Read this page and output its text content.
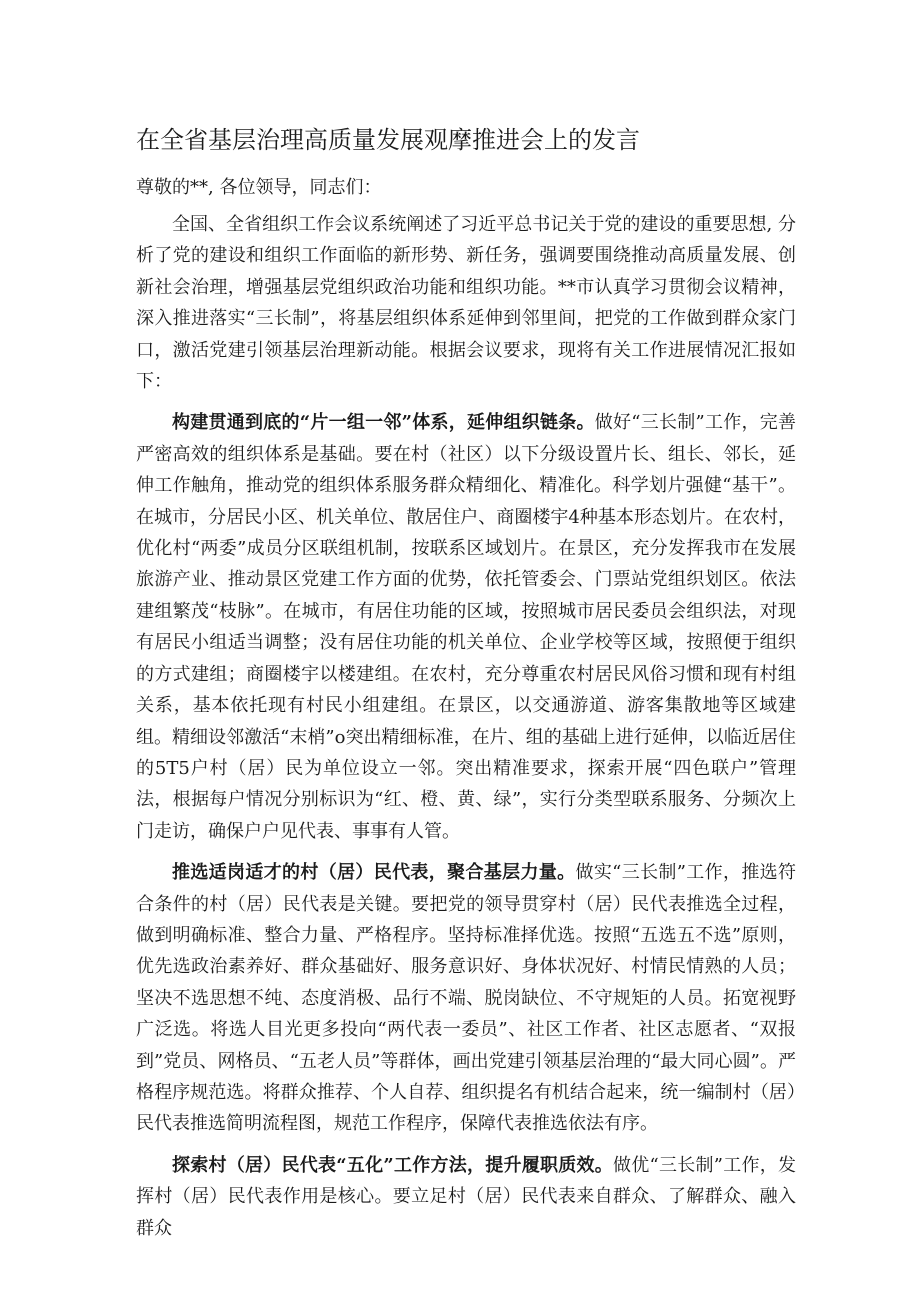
在全省基层治理高质量发展观摩推进会上的发言

尊敬的**, 各位领导，同志们：

全国、全省组织工作会议系统阐述了习近平总书记关于党的建设的重要思想, 分析了党的建设和组织工作面临的新形势、新任务，强调要围绕推动高质量发展、创新社会治理，增强基层党组织政治功能和组织功能。**市认真学习贯彻会议精神，深入推进落实“三长制”，将基层组织体系延伸到邻里间，把党的工作做到群众家门口，激活党建引领基层治理新动能。根据会议要求，现将有关工作进展情况汇报如下：

构建贯通到底的“片一组一邻”体系，延伸组织链条。做好“三长制”工作，完善严密高效的组织体系是基础。要在村（社区）以下分级设置片长、组长、邻长，延伸工作触角，推动党的组织体系服务群众精细化、精准化。科学划片强健“基干”。在城市，分居民小区、机关单位、散居住户、商圈楼宇4种基本形态划片。在农村，优化村“两委”成员分区联组机制，按联系区域划片。在景区，充分发挥我市在发展旅游产业、推动景区党建工作方面的优势，依托管委会、门票站党组织划区。依法建组繁茂“枝脉”。在城市，有居住功能的区域，按照城市居民委员会组织法，对现有居民小组适当调整；没有居住功能的机关单位、企业学校等区域，按照便于组织的方式建组；商圈楼宇以楼建组。在农村，充分尊重农村居民风俗习惯和现有村组关系，基本依托现有村民小组建组。在景区，以交通游道、游客集散地等区域建组。精细设邻激活“末梢”o突出精细标准，在片、组的基础上进行延伸，以临近居住的5T5户村（居）民为单位设立一邻。突出精准要求，探索开展“四色联户”管理法，根据每户情况分别标识为“红、橙、黄、绿”，实行分类型联系服务、分频次上门走访，确保户户见代表、事事有人管。

推选适岗适才的村（居）民代表，聚合基层力量。做实“三长制”工作，推选符合条件的村（居）民代表是关键。要把党的领导贯穿村（居）民代表推选全过程，做到明确标准、整合力量、严格程序。坚持标准择优选。按照“五选五不选”原则，优先选政治素养好、群众基础好、服务意识好、身体状况好、村情民情熟的人员；坚决不选思想不纯、态度消极、品行不端、脱岗缺位、不守规矩的人员。拓宽视野广泛选。将选人目光更多投向“两代表一委员”、社区工作者、社区志愿者、“双报到”党员、网格员、“五老人员”等群体，画出党建引领基层治理的“最大同心圆”。严格程序规范选。将群众推荐、个人自荐、组织提名有机结合起来，统一编制村（居）民代表推选简明流程图，规范工作程序，保障代表推选依法有序。

探索村（居）民代表“五化”工作方法，提升履职质效。做优“三长制”工作，发挥村（居）民代表作用是核心。要立足村（居）民代表来自群众、了解群众、融入群众
